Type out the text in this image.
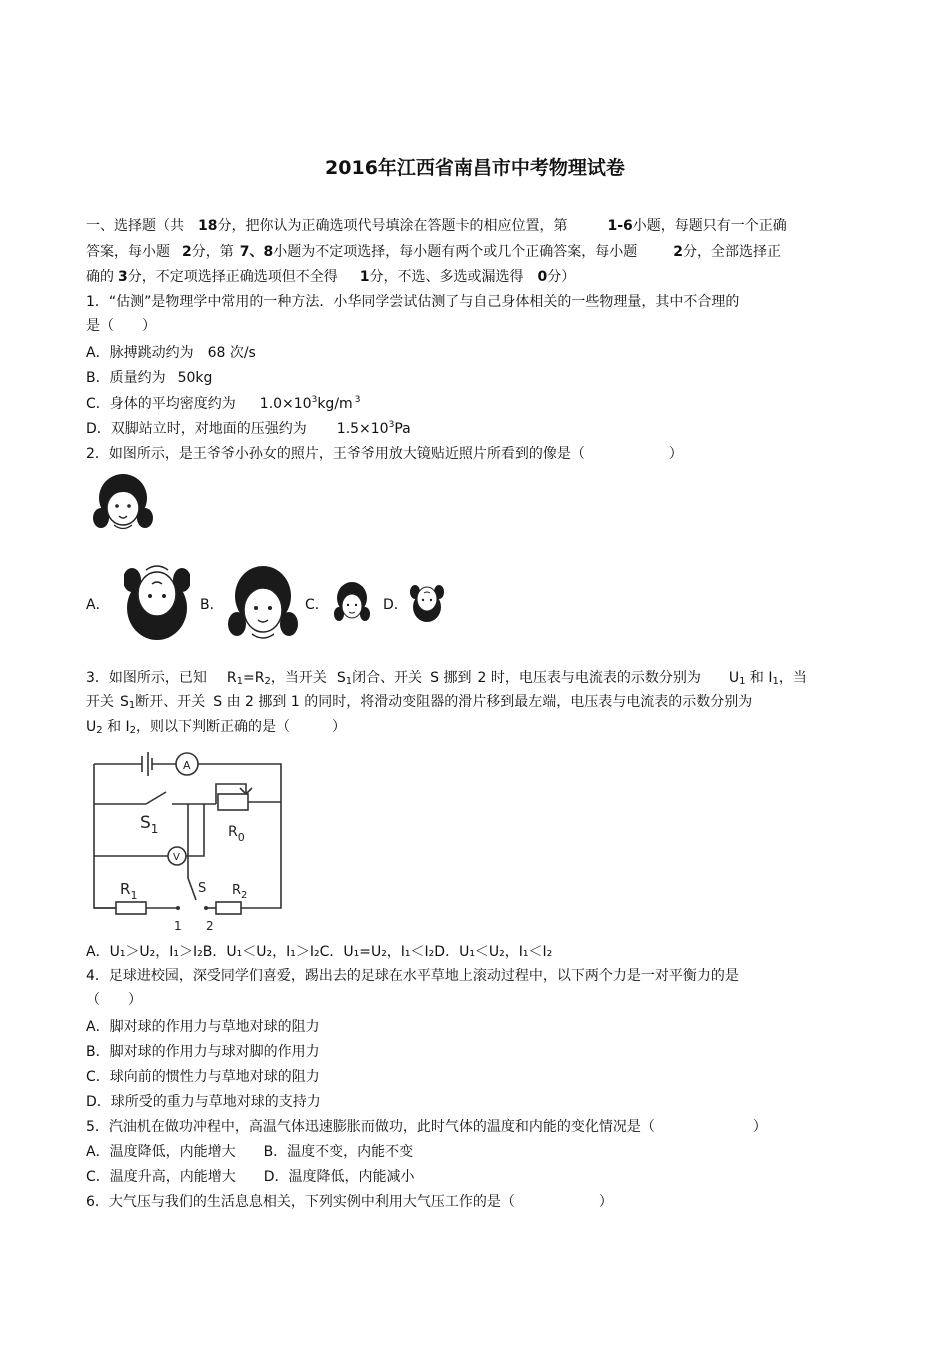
2016年江西省南昌市中考物理试卷
一、选择题（共 18分，把你认为正确选项代号填涂在答题卡的相应位置，第	1-6小题，每题只有一个正确
答案，每小题 2分，第 7、8小题为不定项选择，每小题有两个或几个正确答案，每小题	2分，全部选择正
确的 3分，不定项选择正确选项但不全得 1分，不选、多选或漏选得 0分）
1．“估测”是物理学中常用的一种方法．小华同学尝试估测了与自己身体相关的一些物理量，其中不合理的
是（　　）
A．脉搏跳动约为 68 次/s
B．质量约为 50kg
C．身体的平均密度约为 $1.0\times 10^3kg/m$ $^3$
D．双脚站立时，对地面的压强约为 $1.5\times 10^3Pa$
2．如图所示，是王爷爷小孙女的照片，王爷爷用放大镜贴近照片所看到的像是（　　　　　　）
A．	B．	C．	D．
3．如图所示，已知 $R_1=R_2$，当开关 $S_1$闭合、开关 S 挪到 2 时，电压表与电流表的示数分别为 $U_1$ 和 $I_1$，当
开关 $S_1$断开、开关 S 由 2 挪到 1 的同时，将滑动变阻器的滑片移到最左端，电压表与电流表的示数分别为
$U_2$ 和 $I_2$，则以下判断正确的是（　　　）
A
V
$S_1$	$R_0$
$R_1$	S $R_2$
1 2
A．U₁＞U₂，I₁＞I₂B．U₁＜U₂，I₁＞I₂C．U₁=U₂，I₁＜I₂D．U₁＜U₂，I₁＜I₂
4．足球进校园，深受同学们喜爱，踢出去的足球在水平草地上滚动过程中，以下两个力是一对平衡力的是
（　　）
A．脚对球的作用力与草地对球的阻力
B．脚对球的作用力与球对脚的作用力
C．球向前的惯性力与草地对球的阻力
D．球所受的重力与草地对球的支持力
5．汽油机在做功冲程中，高温气体迅速膨胀而做功，此时气体的温度和内能的变化情况是（　　　　　　　）
A．温度降低，内能增大　　B．温度不变，内能不变
C．温度升高，内能增大　　D．温度降低，内能减小
6．大气压与我们的生活息息相关，下列实例中利用大气压工作的是（　　　　　　）
